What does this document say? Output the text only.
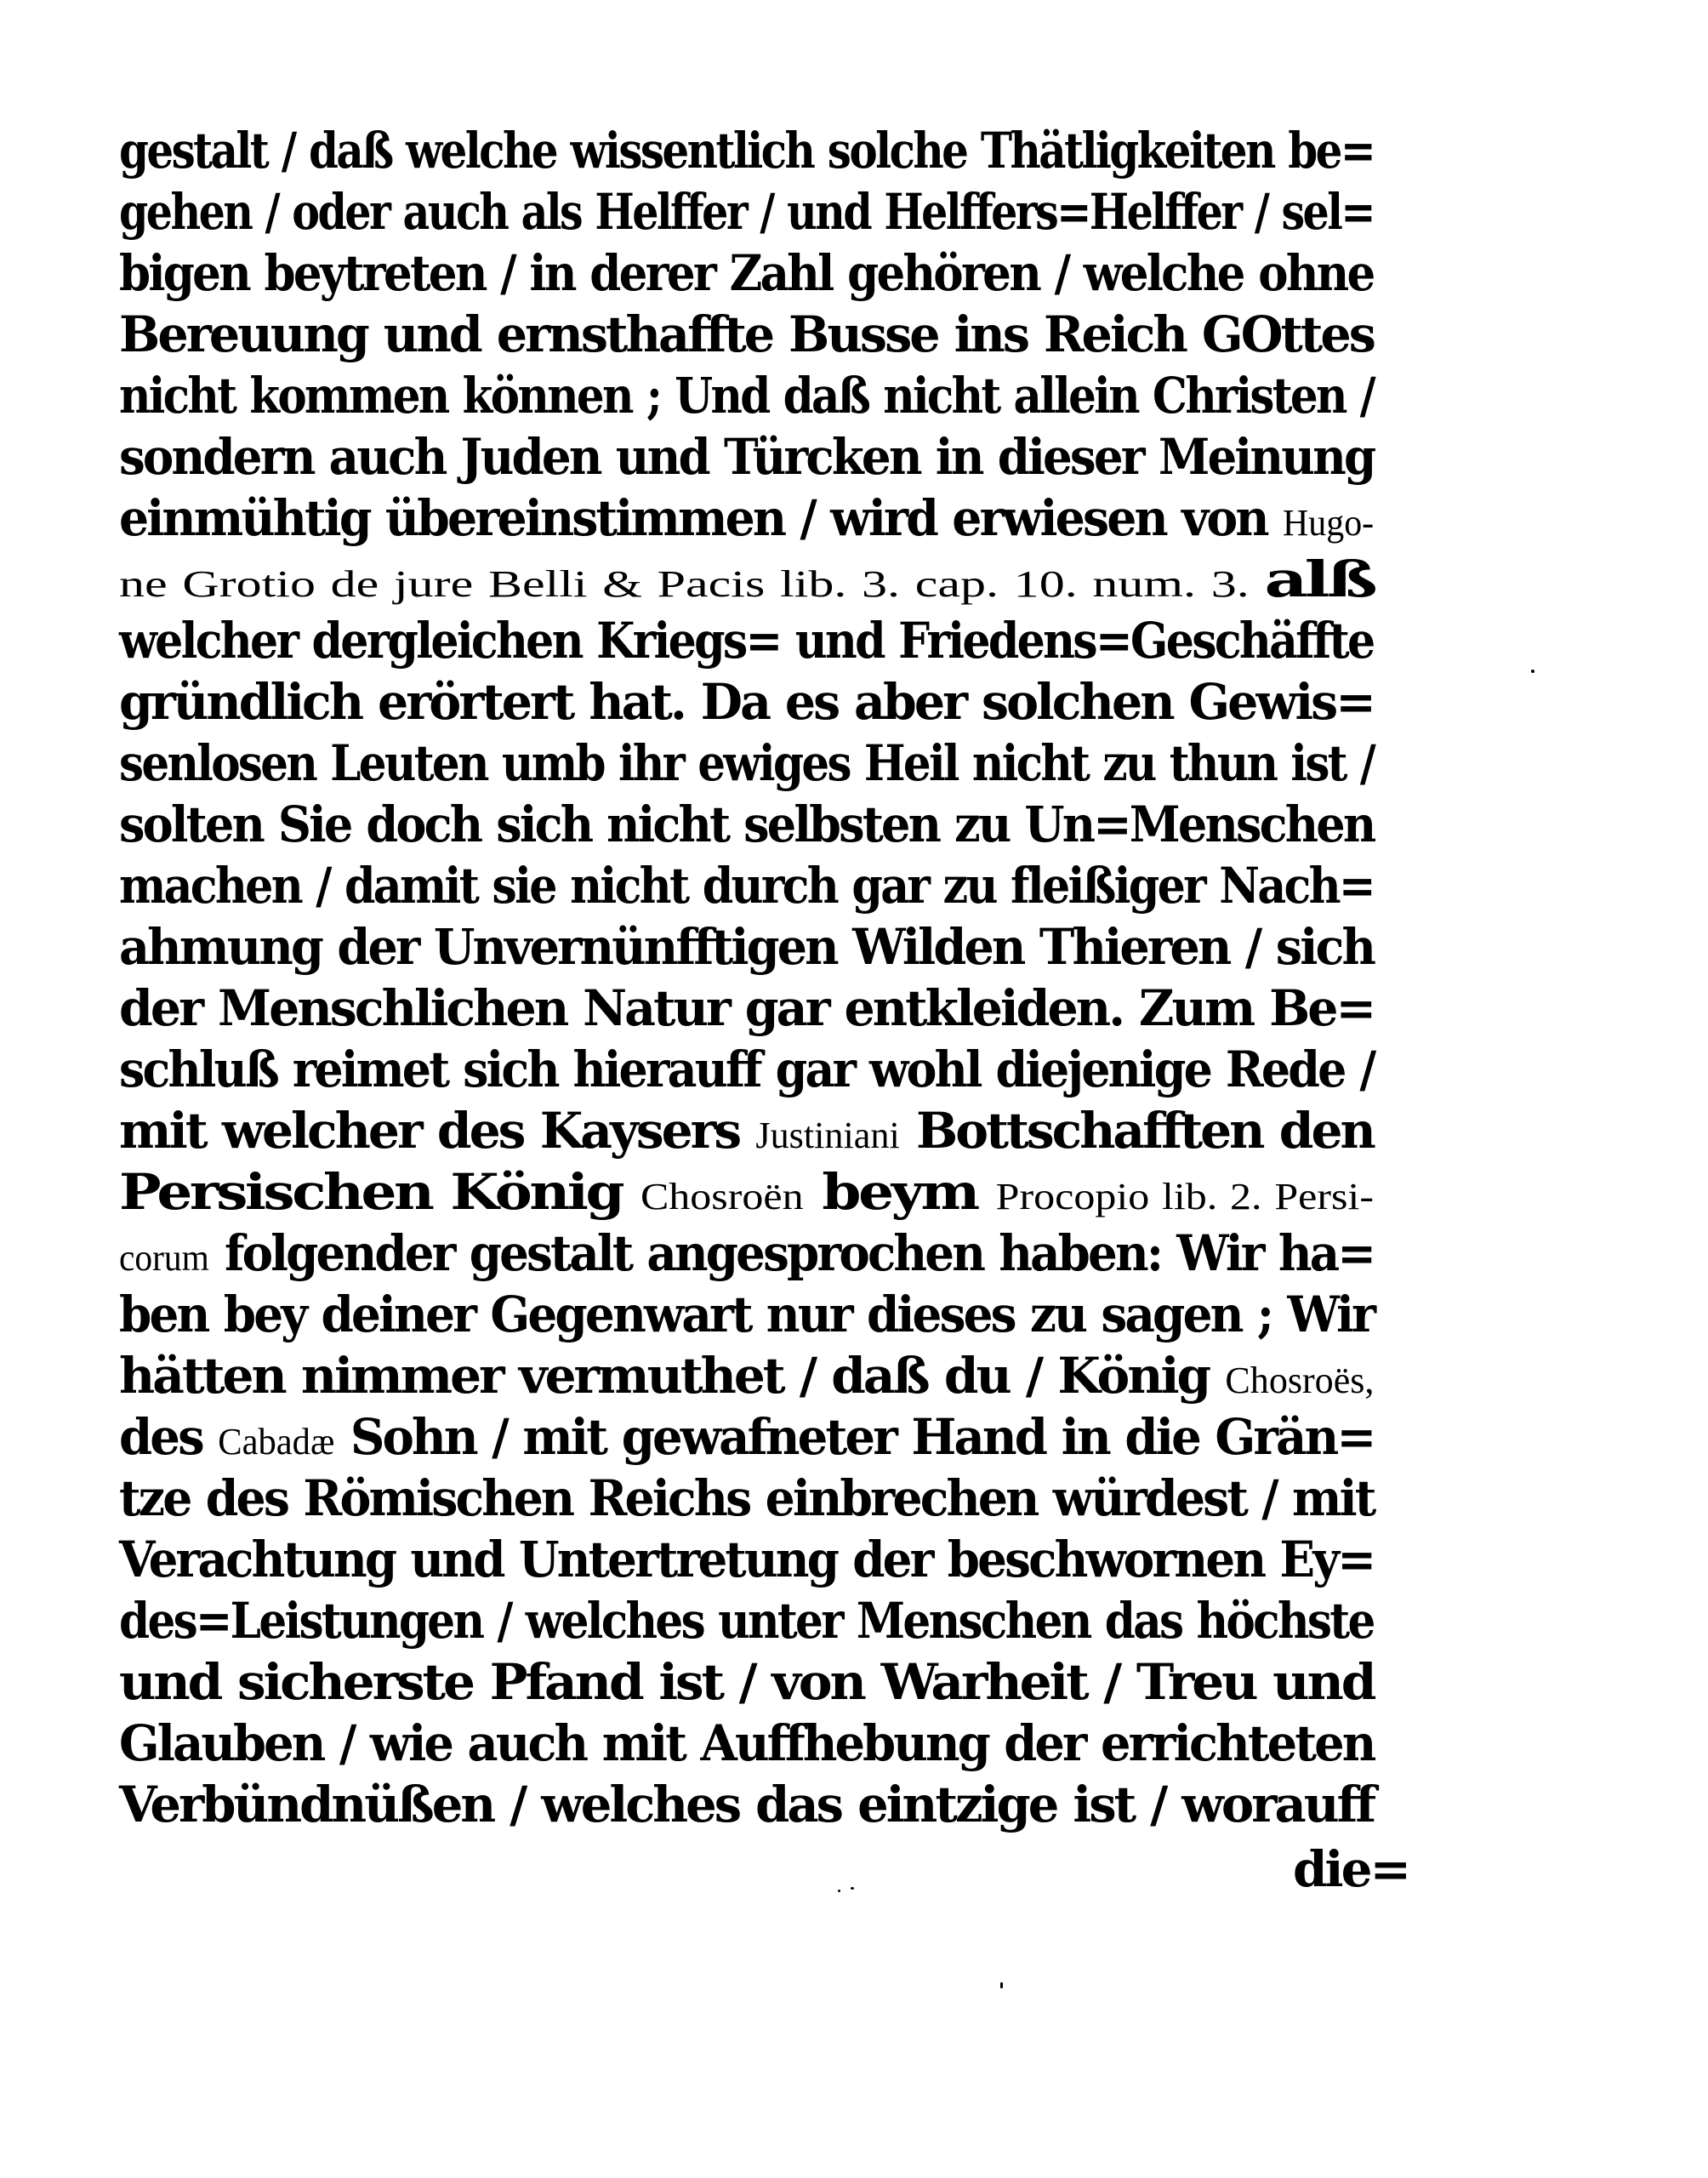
gestalt / daß welche wissentlich solche Thätligkeiten be=
gehen / oder auch als Helffer / und Helffers=Helffer / sel=
bigen beytreten / in derer Zahl gehören / welche ohne
Bereuung und ernsthaffte Busse ins Reich GOttes
nicht kommen können ; Und daß nicht allein Christen /
sondern auch Juden und Türcken in dieser Meinung
einmühtig übereinstimmen / wird erwiesen von Hugo-
ne Grotio de jure Belli & Pacis lib. 3. cap. 10. num. 3. alß
welcher dergleichen Kriegs= und Friedens=Geschäffte
gründlich erörtert hat. Da es aber solchen Gewis=
senlosen Leuten umb ihr ewiges Heil nicht zu thun ist /
solten Sie doch sich nicht selbsten zu Un=Menschen
machen / damit sie nicht durch gar zu fleißiger Nach=
ahmung der Unvernünfftigen Wilden Thieren / sich
der Menschlichen Natur gar entkleiden. Zum Be=
schluß reimet sich hierauff gar wohl diejenige Rede /
mit welcher des Kaysers Justiniani Bottschafften den
Persischen König Chosroën beym Procopio lib. 2. Persi-
corum folgender gestalt angesprochen haben: Wir ha=
ben bey deiner Gegenwart nur dieses zu sagen ; Wir
hätten nimmer vermuthet / daß du / König Chosroës,
des Cabadæ Sohn / mit gewafneter Hand in die Grän=
tze des Römischen Reichs einbrechen würdest / mit
Verachtung und Untertretung der beschwornen Ey=
des=Leistungen / welches unter Menschen das höchste
und sicherste Pfand ist / von Warheit / Treu und
Glauben / wie auch mit Auffhebung der errichteten
Verbündnüßen / welches das eintzige ist / worauff
die=
